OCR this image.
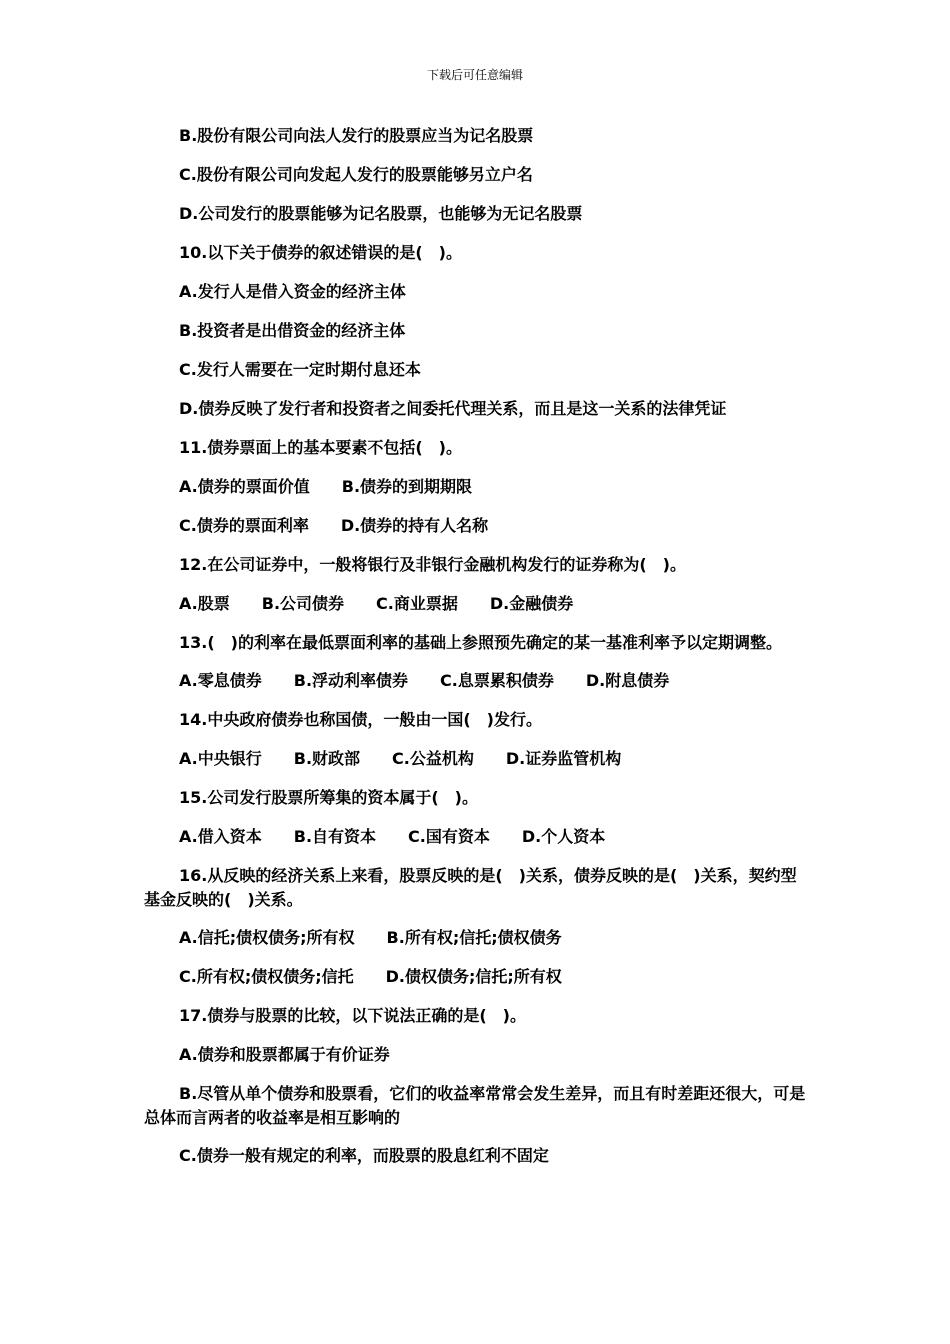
下载后可任意编辑
B.股份有限公司向法人发行的股票应当为记名股票
C.股份有限公司向发起人发行的股票能够另立户名
D.公司发行的股票能够为记名股票，也能够为无记名股票
10.以下关于债券的叙述错误的是(　)。
A.发行人是借入资金的经济主体
B.投资者是出借资金的经济主体
C.发行人需要在一定时期付息还本
D.债券反映了发行者和投资者之间委托代理关系，而且是这一关系的法律凭证
11.债券票面上的基本要素不包括(　)。
A.债券的票面价值　　B.债券的到期期限
C.债券的票面利率　　D.债券的持有人名称
12.在公司证券中，一般将银行及非银行金融机构发行的证券称为(　)。
A.股票　　B.公司债券　　C.商业票据　　D.金融债券
13.(　)的利率在最低票面利率的基础上参照预先确定的某一基准利率予以定期调整。
A.零息债券　　B.浮动利率债券　　C.息票累积债券　　D.附息债券
14.中央政府债券也称国债，一般由一国(　)发行。
A.中央银行　　B.财政部　　C.公益机构　　D.证券监管机构
15.公司发行股票所筹集的资本属于(　)。
A.借入资本　　B.自有资本　　C.国有资本　　D.个人资本
16.从反映的经济关系上来看，股票反映的是(　)关系，债券反映的是(　)关系，契约型基金反映的(　)关系。
A.信托;债权债务;所有权　　B.所有权;信托;债权债务
C.所有权;债权债务;信托　　D.债权债务;信托;所有权
17.债券与股票的比较，以下说法正确的是(　)。
A.债券和股票都属于有价证券
B.尽管从单个债券和股票看，它们的收益率常常会发生差异，而且有时差距还很大，可是总体而言两者的收益率是相互影响的
C.债券一般有规定的利率，而股票的股息红利不固定
